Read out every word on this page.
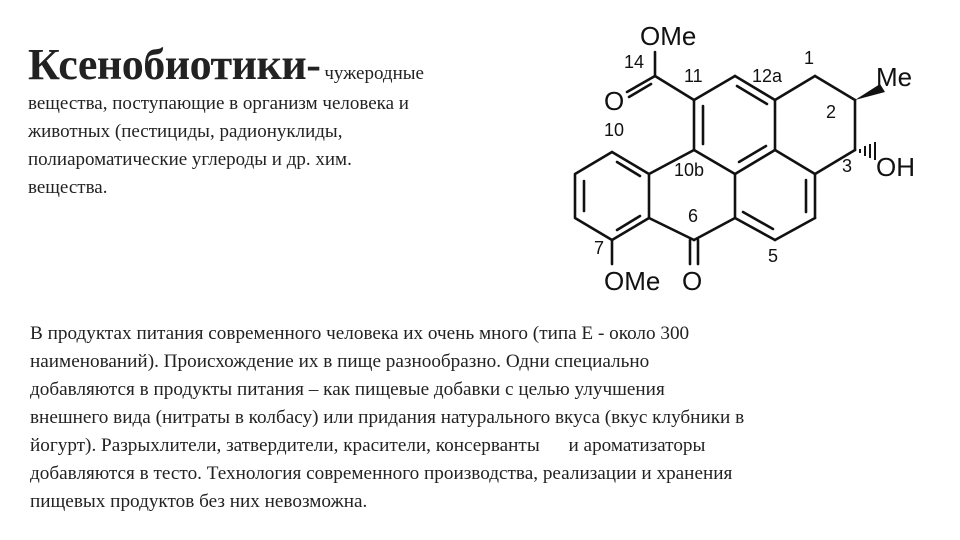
Ксенобиотики- чужеродные
вещества, поступающие в организм человека и
животных (пестициды, радионуклиды,
полиароматические углероды и др. хим.
вещества.
OMe
14
11	12a
1
Me
2
3 OH
O
10
10b
6
7	5
OMe O
В продуктах питания современного человека их очень много (типа Е - около 300
наименований). Происхождение их в пище разнообразно. Одни специально
добавляются в продукты питания – как пищевые добавки с целью улучшения
внешнего вида (нитраты в колбасу) или придания натурального вкуса (вкус клубники в
йогурт). Разрыхлители, затвердители, красители, консерванты      и ароматизаторы
добавляются в тесто. Технология современного производства, реализации и хранения
пищевых продуктов без них невозможна.
